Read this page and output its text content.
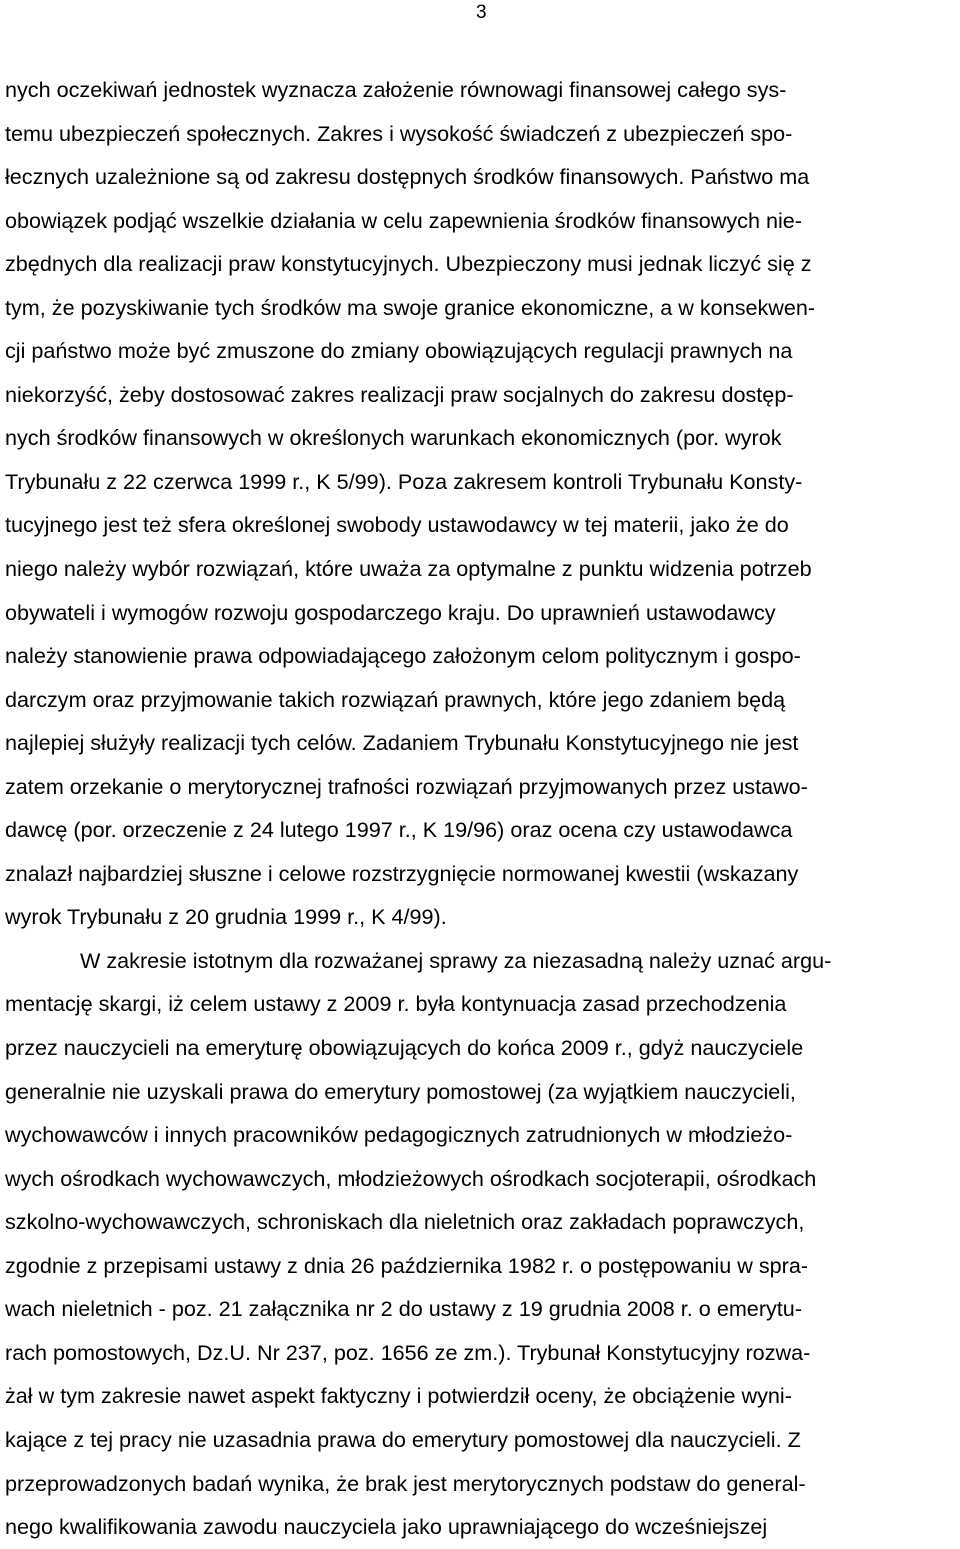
3
nych oczekiwań jednostek wyznacza założenie równowagi finansowej całego sys-
temu ubezpieczeń społecznych. Zakres i wysokość świadczeń z ubezpieczeń spo-
łecznych uzależnione są od zakresu dostępnych środków finansowych. Państwo ma
obowiązek podjąć wszelkie działania w celu zapewnienia środków finansowych nie-
zbędnych dla realizacji praw konstytucyjnych. Ubezpieczony musi jednak liczyć się z
tym, że pozyskiwanie tych środków ma swoje granice ekonomiczne, a w konsekwen-
cji państwo może być zmuszone do zmiany obowiązujących regulacji prawnych na
niekorzyść, żeby dostosować zakres realizacji praw socjalnych do zakresu dostęp-
nych środków finansowych w określonych warunkach ekonomicznych (por. wyrok
Trybunału z 22 czerwca 1999 r., K 5/99). Poza zakresem kontroli Trybunału Konsty-
tucyjnego jest też sfera określonej swobody ustawodawcy w tej materii, jako że do
niego należy wybór rozwiązań, które uważa za optymalne z punktu widzenia potrzeb
obywateli i wymogów rozwoju gospodarczego kraju. Do uprawnień ustawodawcy
należy stanowienie prawa odpowiadającego założonym celom politycznym i gospo-
darczym oraz przyjmowanie takich rozwiązań prawnych, które jego zdaniem będą
najlepiej służyły realizacji tych celów. Zadaniem Trybunału Konstytucyjnego nie jest
zatem orzekanie o merytorycznej trafności rozwiązań przyjmowanych przez ustawo-
dawcę (por. orzeczenie z 24 lutego 1997 r., K 19/96) oraz ocena czy ustawodawca
znalazł najbardziej słuszne i celowe rozstrzygnięcie normowanej kwestii (wskazany
wyrok Trybunału z 20 grudnia 1999 r., K 4/99).
W zakresie istotnym dla rozważanej sprawy za niezasadną należy uznać argu-
mentację skargi, iż celem ustawy z 2009 r. była kontynuacja zasad przechodzenia
przez nauczycieli na emeryturę obowiązujących do końca 2009 r., gdyż nauczyciele
generalnie nie uzyskali prawa do emerytury pomostowej (za wyjątkiem nauczycieli,
wychowawców i innych pracowników pedagogicznych zatrudnionych w młodzieżo-
wych ośrodkach wychowawczych, młodzieżowych ośrodkach socjoterapii, ośrodkach
szkolno-wychowawczych, schroniskach dla nieletnich oraz zakładach poprawczych,
zgodnie z przepisami ustawy z dnia 26 października 1982 r. o postępowaniu w spra-
wach nieletnich - poz. 21 załącznika nr 2 do ustawy z 19 grudnia 2008 r. o emerytu-
rach pomostowych, Dz.U. Nr 237, poz. 1656 ze zm.). Trybunał Konstytucyjny rozwa-
żał w tym zakresie nawet aspekt faktyczny i potwierdził oceny, że obciążenie wyni-
kające z tej pracy nie uzasadnia prawa do emerytury pomostowej dla nauczycieli. Z
przeprowadzonych badań wynika, że brak jest merytorycznych podstaw do general-
nego kwalifikowania zawodu nauczyciela jako uprawniającego do wcześniejszej
